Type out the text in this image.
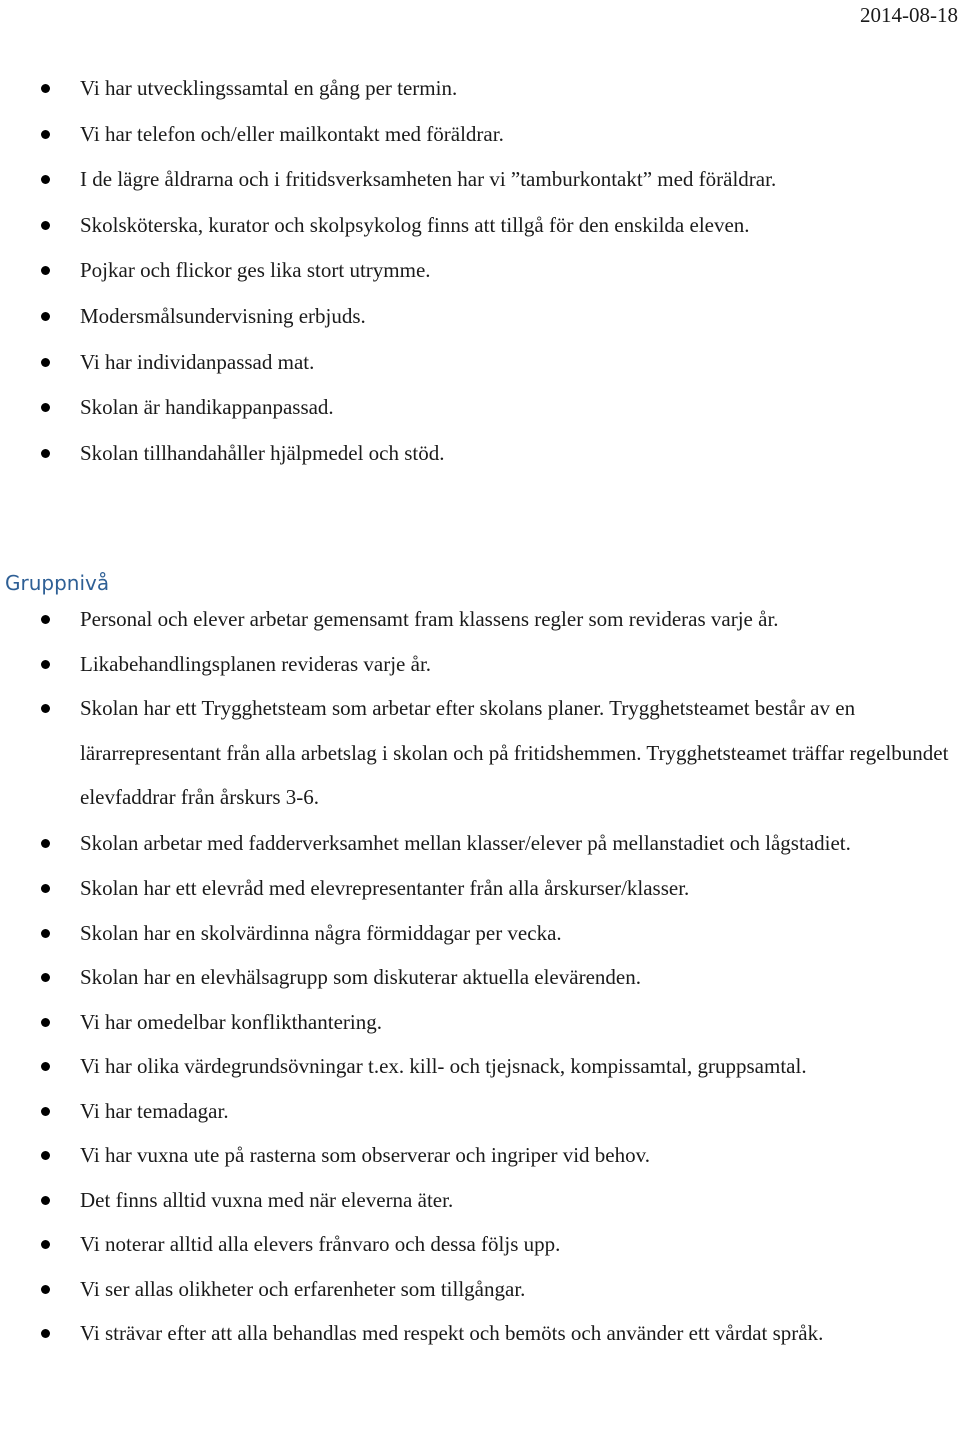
2014-08-18
Vi har utvecklingssamtal en gång per termin.
Vi har telefon och/eller mailkontakt med föräldrar.
I de lägre åldrarna och i fritidsverksamheten har vi ”tamburkontakt” med föräldrar.
Skolsköterska, kurator och skolpsykolog finns att tillgå för den enskilda eleven.
Pojkar och flickor ges lika stort utrymme.
Modersmålsundervisning erbjuds.
Vi har individanpassad mat.
Skolan är handikappanpassad.
Skolan tillhandahåller hjälpmedel och stöd.
Gruppnivå
Personal och elever arbetar gemensamt fram klassens regler som revideras varje år.
Likabehandlingsplanen revideras varje år.
Skolan har ett Trygghetsteam som arbetar efter skolans planer. Trygghetsteamet består av en lärarrepresentant från alla arbetslag i skolan och på fritidshemmen. Trygghetsteamet träffar regelbundet elevfaddrar från årskurs 3-6.
Skolan arbetar med fadderverksamhet mellan klasser/elever på mellanstadiet och lågstadiet.
Skolan har ett elevråd med elevrepresentanter från alla årskurser/klasser.
Skolan har en skolvärdinna några förmiddagar per vecka.
Skolan har en elevhälsagrupp som diskuterar aktuella elevärenden.
Vi har omedelbar konflikthantering.
Vi har olika värdegrundsövningar t.ex. kill- och tjejsnack, kompissamtal, gruppsamtal.
Vi har temadagar.
Vi har vuxna ute på rasterna som observerar och ingriper vid behov.
Det finns alltid vuxna med när eleverna äter.
Vi noterar alltid alla elevers frånvaro och dessa följs upp.
Vi ser allas olikheter och erfarenheter som tillgångar.
Vi strävar efter att alla behandlas med respekt och bemöts och använder ett vårdat språk.
